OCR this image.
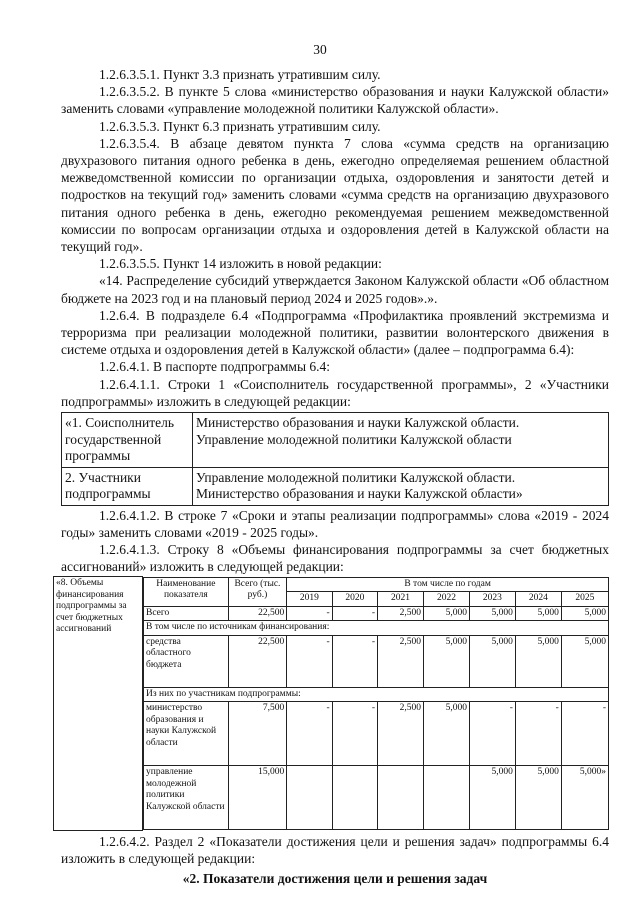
30

1.2.6.3.5.1. Пункт 3.3 признать утратившим силу.

1.2.6.3.5.2. В пункте 5 слова «министерство образования и науки Калужской области» заменить словами «управление молодежной политики Калужской области».

1.2.6.3.5.3. Пункт 6.3 признать утратившим силу.

1.2.6.3.5.4. В абзаце девятом пункта 7 слова «сумма средств на организацию двухразового питания одного ребенка в день, ежегодно определяемая решением областной межведомственной комиссии по организации отдыха, оздоровления и занятости детей и подростков на текущий год» заменить словами «сумма средств на организацию двухразового питания одного ребенка в день, ежегодно рекомендуемая решением межведомственной комиссии по вопросам организации отдыха и оздоровления детей в Калужской области на текущий год».

1.2.6.3.5.5. Пункт 14 изложить в новой редакции:

«14. Распределение субсидий утверждается Законом Калужской области «Об областном бюджете на 2023 год и на плановый период 2024 и 2025 годов».».

1.2.6.4. В подразделе 6.4 «Подпрограмма «Профилактика проявлений экстремизма и терроризма при реализации молодежной политики, развитии волонтерского движения в системе отдыха и оздоровления детей в Калужской области» (далее – подпрограмма 6.4):

1.2.6.4.1. В паспорте подпрограммы 6.4:

1.2.6.4.1.1. Строки 1 «Соисполнитель государственной программы», 2 «Участники подпрограммы» изложить в следующей редакции:

«1. Соисполнитель государственной программы	Министерство образования и науки Калужской области.
Управление молодежной политики Калужской области

2. Участники подпрограммы	Управление молодежной политики Калужской области.
Министерство образования и науки Калужской области»

1.2.6.4.1.2. В строке 7 «Сроки и этапы реализации подпрограммы» слова «2019 - 2024 годы» заменить словами «2019 - 2025 годы».

1.2.6.4.1.3. Строку 8 «Объемы финансирования подпрограммы за счет бюджетных ассигнований» изложить в следующей редакции:

«8. Объемы финансирования подпрограммы за счет бюджетных ассигнований	
Наименование показателя	Всего (тыс. руб.)	В том числе по годам
2019	2020	2021	2022	2023	2024	2025
Всего	22,500	-	-	2,500	5,000	5,000	5,000	5,000
В том числе по источникам финансирования:
средства областного бюджета	22,500	-	-	2,500	5,000	5,000	5,000	5,000
Из них по участникам подпрограммы:
министерство образования и науки Калужской области	7,500	-	-	2,500	5,000	-	-	-
управление молодежной политики Калужской области	15,000					5,000	5,000	5,000»

1.2.6.4.2. Раздел 2 «Показатели достижения цели и решения задач» подпрограммы 6.4 изложить в следующей редакции:

«2. Показатели достижения цели и решения задач
